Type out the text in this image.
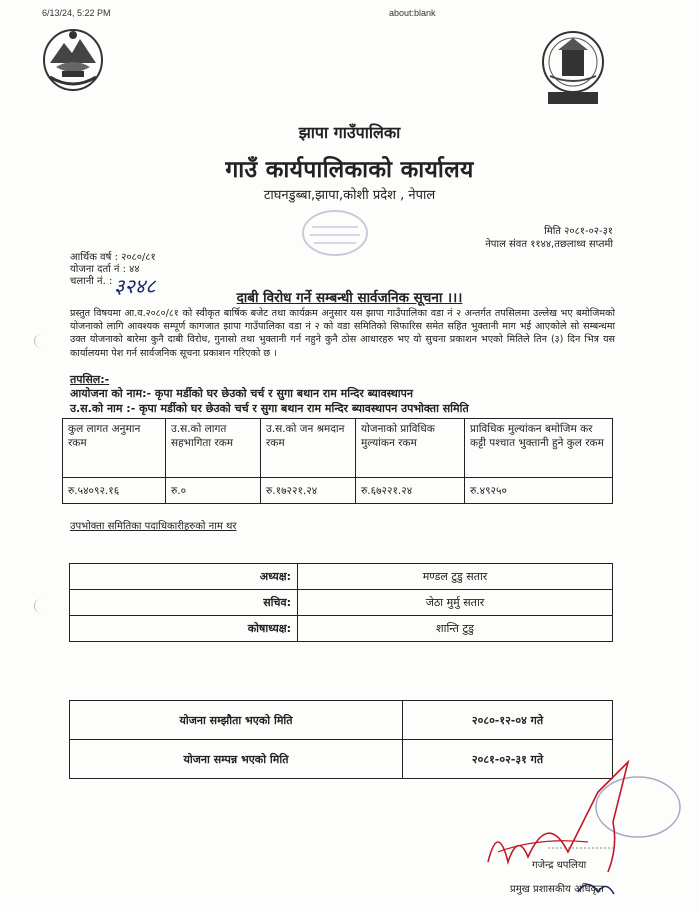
6/13/24, 5:22 PM	about:blank
झापा गाउँपालिका
गाउँ कार्यपालिकाको कार्यालय
टाघनडुब्बा,झापा,कोशी प्रदेश , नेपाल
मिति २०८१-०२-३१
नेपाल संवत ११४४,तछलाथ्व सप्तमी
आर्थिक वर्ष : २०८०/८१
योजना दर्ता नं : ४४
चलानी नं. : ३२४८	दाबी विरोध गर्ने सम्बन्धी सार्वजनिक सूचना ।।।
प्रस्तुत विषयमा आ.व.२०८०/८१ को स्वीकृत बार्षिक बजेट तथा कार्यक्रम अनुसार यस झापा गाउँपालिका वडा नं २ अन्तर्गत तपसिलमा उल्लेख भए बमोजिमको योजनाको लागि आवश्यक सम्पूर्ण कागजात झापा गाउँपालिका वडा नं २ को वडा समितिको सिफारिस समेत सहित भुक्तानी माग भई आएकोले सो सम्बन्धमा उक्त योजनाको बारेमा कुनै दाबी विरोध, गुनासो तथा भुक्तानी गर्न नहुने कुनै ठोस आधारहरु भए यो सुचना प्रकाशन भएको मितिले तिन (३) दिन भित्र यस कार्यालयमा पेश गर्न सार्वजनिक सूचना प्रकाशन गरिएको छ ।
तपसिल:-
आयोजना को नाम:- कृपा मर्डीको घर छेउको चर्च र सुगा बथान राम मन्दिर ब्यावस्थापन
उ.स.को नाम :- कृपा मर्डीको घर छेउको चर्च र सुगा बथान राम मन्दिर ब्यावस्थापन उपभोक्ता समिति
कुल लागत अनुमान रकम	उ.स.को लागत सहभागिता रकम	उ.स.को जन श्रमदान रकम	योजनाको प्राविधिक मुल्यांकन रकम	प्राविधिक मुल्यांकन बमोजिम कर कट्टी पश्चात भुक्तानी हुने कुल रकम
रु.५४०९२.१६	रु.०	रु.१७२२१.२४	रु.६७२२१.२४	रु.४९२५०
उपभोक्ता समितिका पदाधिकारीहरुको नाम थर
अध्यक्ष:	मण्डल टुडु सतार
सचिव:	जेठा मुर्मु सतार
कोषाध्यक्ष:	शान्ति टुडु
योजना सम्झौता भएको मिति	२०८०-१२-०४ गते
योजना सम्पन्न भएको मिति	२०८१-०२-३१ गते
गजेन्द्र धपलिया
प्रमुख प्रशासकीय अधिकृत
